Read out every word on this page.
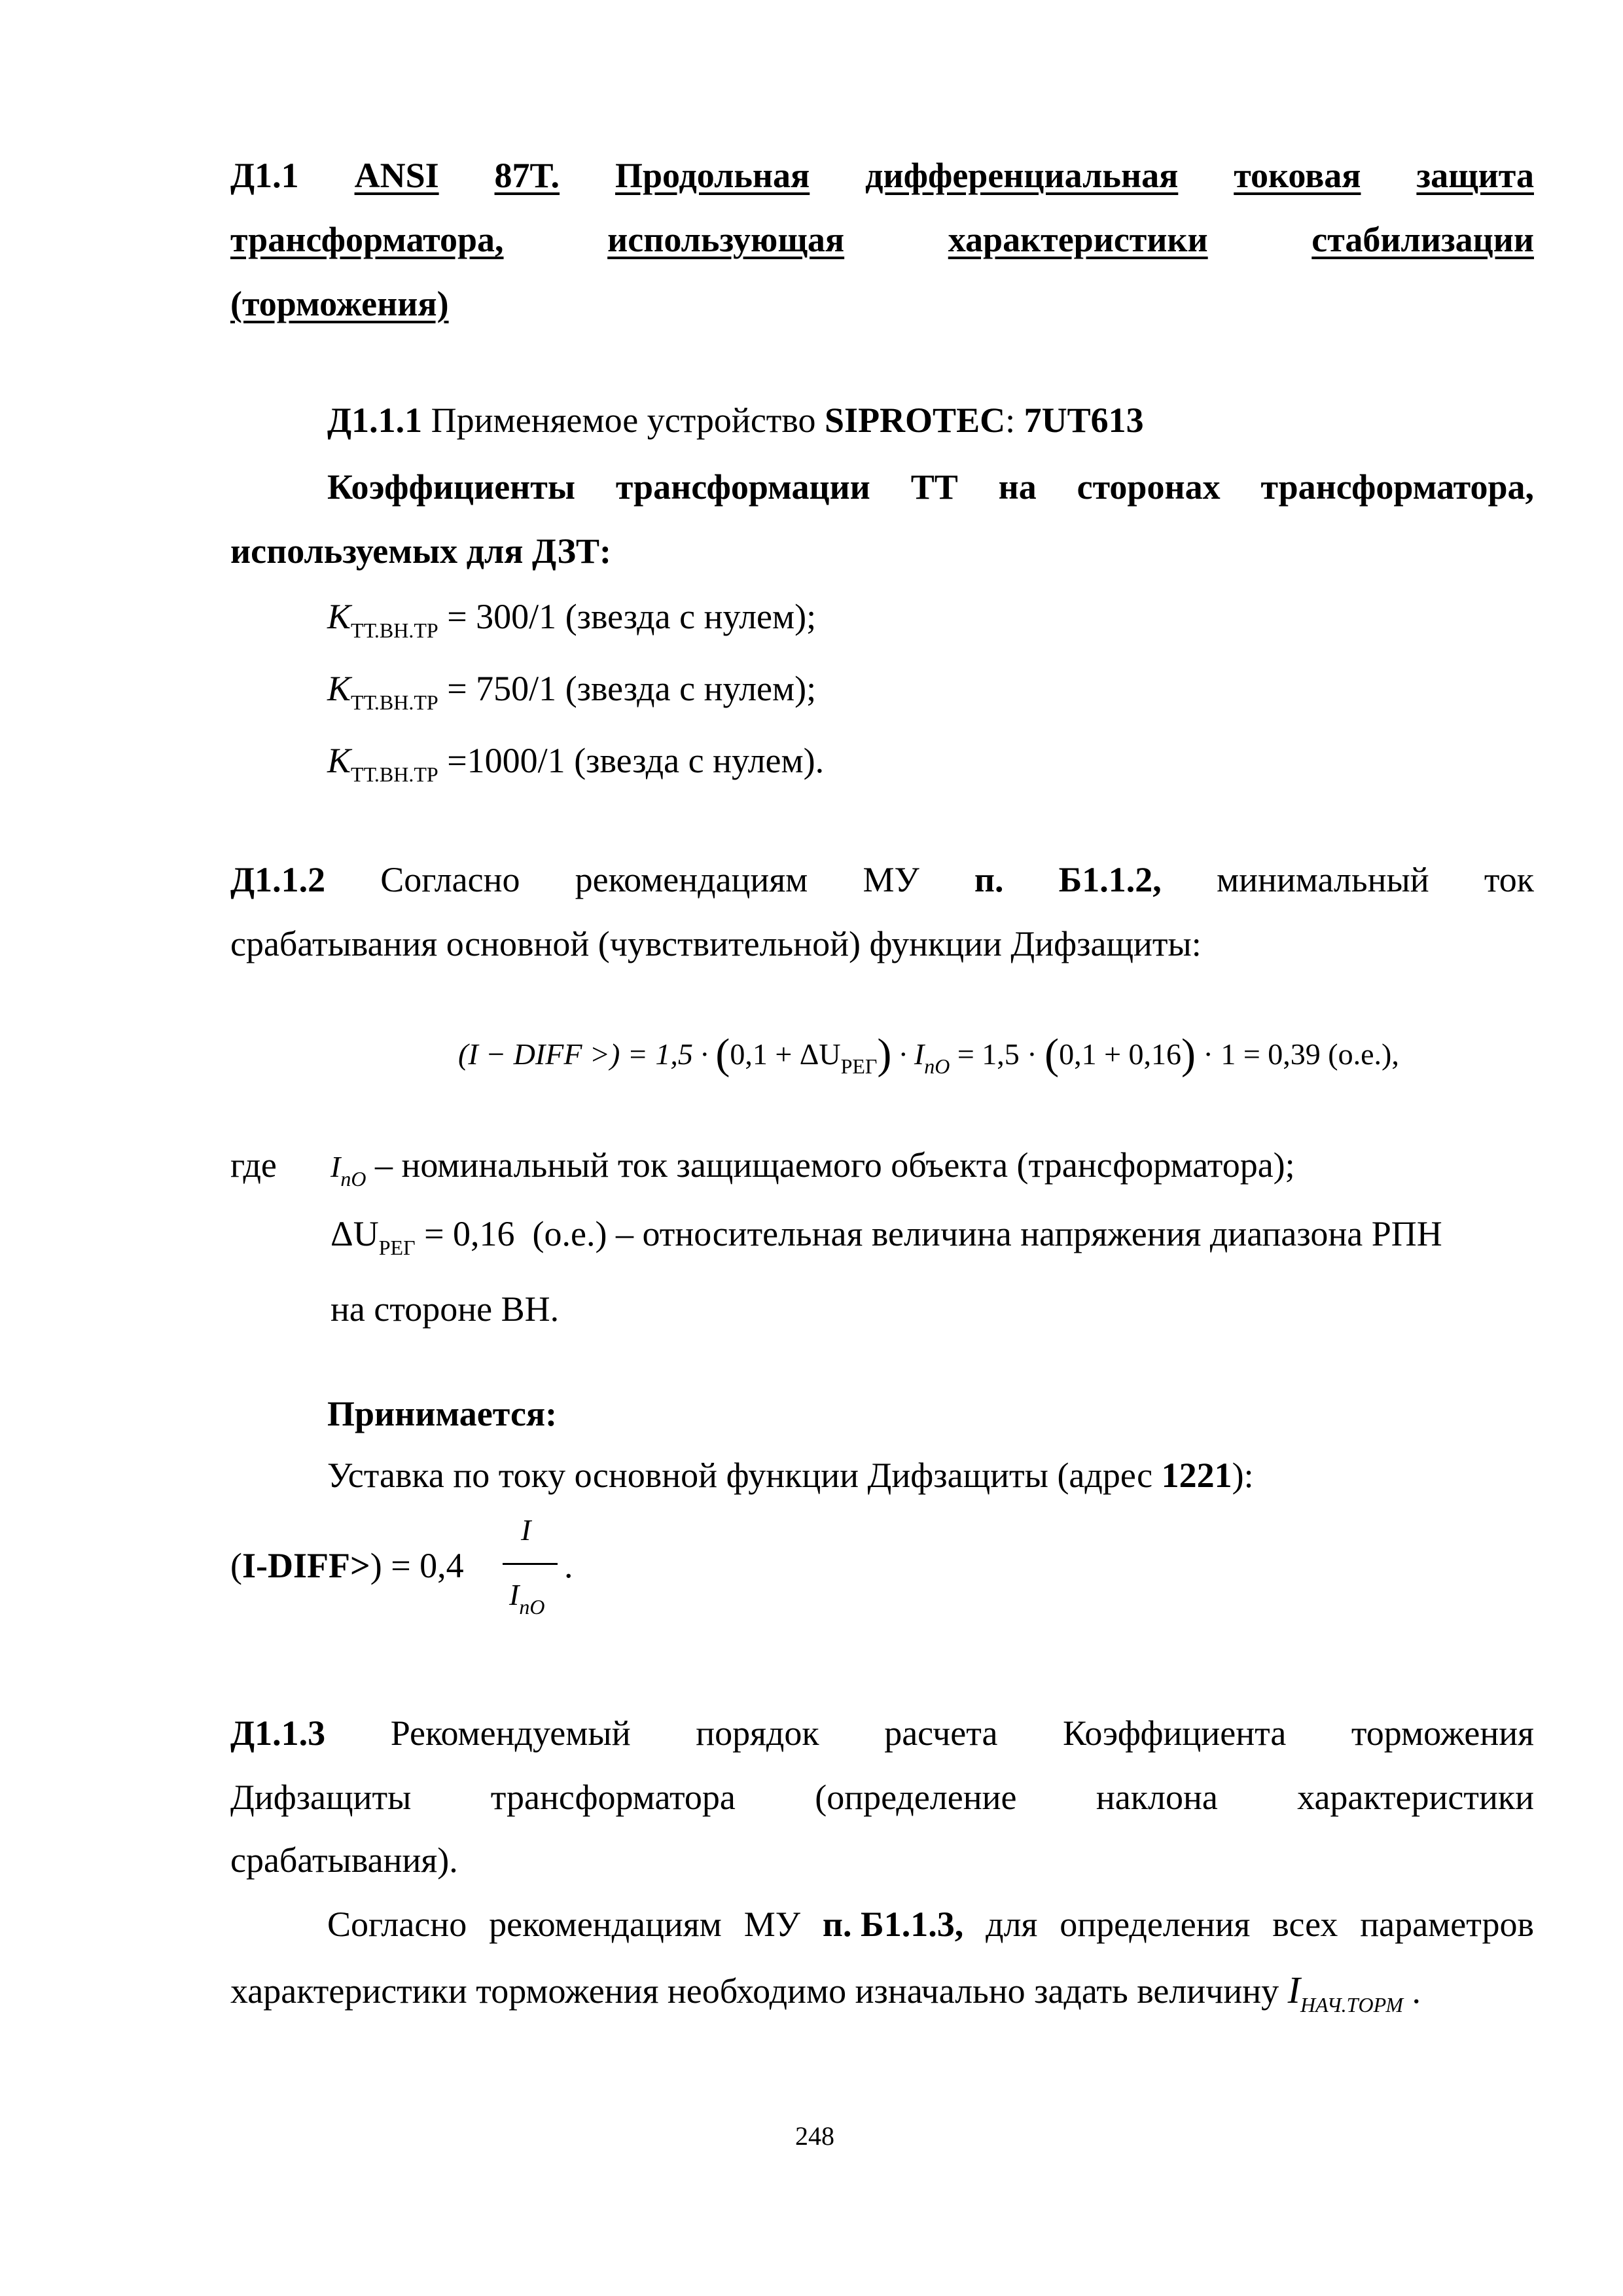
Д1.1 ANSI 87T. Продольная дифференциальная токовая защита
трансформатора,	использующая	характеристики	стабилизации
(торможения)
Д1.1.1 Применяемое устройство SIPROTEC: 7UT613
Коэффициенты трансформации ТТ на сторонах трансформатора,
используемых для ДЗТ:
$K_{ТТ.ВН.ТР} = 300/1$ (звезда с нулем);
$K_{ТТ.ВН.ТР} = 750/1$ (звезда с нулем);
$K_{ТТ.ВН.ТР} =1000/1$ (звезда с нулем).
Д1.1.2 Согласно рекомендациям МУ п. Б1.1.2, минимальный ток
срабатывания основной (чувствительной) функции Дифзащиты:
(I − DIFF >) = $1,5 \cdot (0,1 + \Delta U_{РЕГ}) \cdot I_{nO} = 1,5 \cdot (0,1 + 0,16) \cdot 1 = 0,39$ (о.е.),
где $I_{nO}$ – номинальный ток защищаемого объекта (трансформатора);
$\Delta U_{РЕГ} = 0,16$ (о.е.) – относительная величина напряжения диапазона РПН
на стороне ВН.
Принимается:
Уставка по току основной функции Дифзащиты (адрес 1221):
(I-DIFF>) = 0,4
I
$I_{nO}$
.
Д1.1.3 Рекомендуемый порядок расчета Коэффициента торможения
Дифзащиты трансформатора (определение наклона характеристики
срабатывания).
Согласно рекомендациям МУ п. Б1.1.3, для определения всех параметров
характеристики торможения необходимо изначально задать величину $I_{НАЧ.ТОРМ}$ .
248
